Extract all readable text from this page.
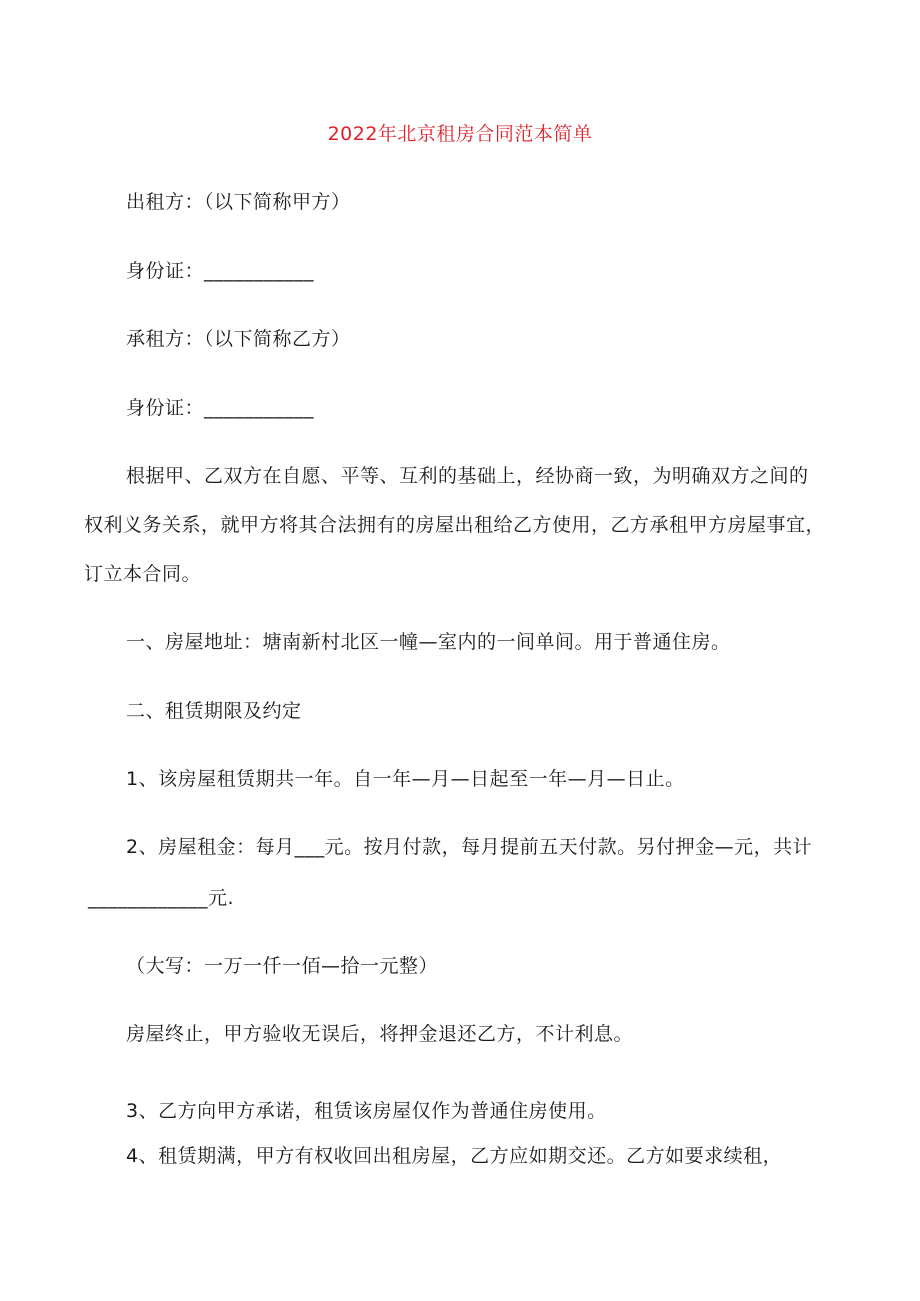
2022年北京租房合同范本简单
出租方：（以下简称甲方）
身份证：___________
承租方：（以下简称乙方）
身份证：___________
根据甲、乙双方在自愿、平等、互利的基础上，经协商一致，为明确双方之间的
权利义务关系，就甲方将其合法拥有的房屋出租给乙方使用，乙方承租甲方房屋事宜，
订立本合同。
一、房屋地址：塘南新村北区一幢—室内的一间单间。用于普通住房。
二、租赁期限及约定
1、该房屋租赁期共一年。自一年—月—日起至一年—月—日止。
2、房屋租金：每月___元。按月付款，每月提前五天付款。另付押金—元，共计
____________元.
（大写：一万一仟一佰—拾一元整）
房屋终止，甲方验收无误后，将押金退还乙方，不计利息。
3、乙方向甲方承诺，租赁该房屋仅作为普通住房使用。
4、租赁期满，甲方有权收回出租房屋，乙方应如期交还。乙方如要求续租，
